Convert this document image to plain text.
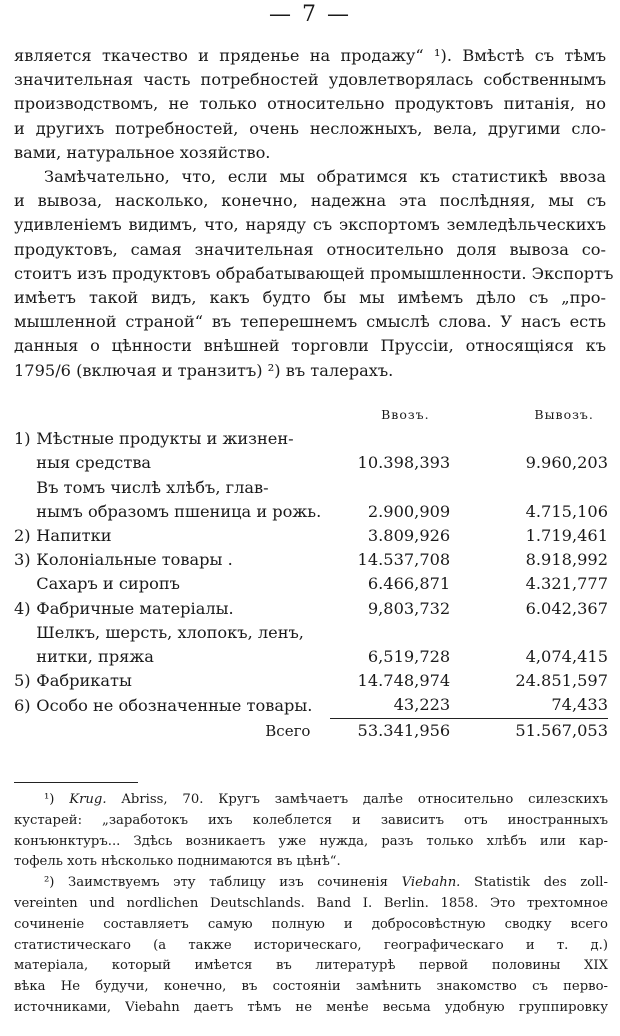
— 7 —

является ткачество и пряденье на продажу“ ¹). Вмѣстѣ съ тѣмъ
значительная часть потребностей удовлетворялась собственнымъ
производствомъ, не только относительно продуктовъ питанія, но
и другихъ потребностей, очень несложныхъ, вела, другими сло-
вами, натуральное хозяйство.

Замѣчательно, что, если мы обратимся къ статистикѣ ввоза
и вывоза, насколько, конечно, надежна эта послѣдняя, мы съ
удивленіемъ видимъ, что, наряду съ экспортомъ земледѣльческихъ
продуктовъ, самая значительная относительно доля вывоза со-
стоитъ изъ продуктовъ обрабатывающей промышленности. Экспортъ
имѣетъ такой видъ, какъ будто бы мы имѣемъ дѣло съ „про-
мышленной страной“ въ теперешнемъ смыслѣ слова. У насъ есть
данныя о цѣнности внѣшней торговли Пруссіи, относящіяся къ
1795/6 (включая и транзитъ) ²) въ талерахъ.

		Ввозъ.	Вывозъ.
1)	Мѣстные продукты и жизнен-		
	ныя средства	10.398,393	9.960,203
	Въ томъ числѣ хлѣбъ, глав-		
	нымъ образомъ пшеница и рожь.	2.900,909	4.715,106
2)	Напитки	3.809,926	1.719,461
3)	Колоніальные товары .	14.537,708	8.918,992
	Сахаръ и сиропъ	6.466,871	4.321,777
4)	Фабричные матеріалы.	9,803,732	6.042,367
	Шелкъ, шерсть, хлопокъ, ленъ,		
	нитки, пряжа	6,519,728	4,074,415
5)	Фабрикаты	14.748,974	24.851,597
6)	Особо не обозначенные товары.	43,223	74,433
	Всего	53.341,956	51.567,053

¹) Krug. Abriss, 70. Кругъ замѣчаетъ далѣе относительно силезскихъ
кустарей: „заработокъ ихъ колеблется и зависитъ отъ иностранныхъ
конъюнктуръ... Здѣсь возникаетъ уже нужда, разъ только хлѣбъ или кар-
тофель хоть нѣсколько поднимаются въ цѣнѣ“.

²) Заимствуемъ эту таблицу изъ сочиненія Viebahn. Statistik des zoll-
vereinten und nordlichen Deutschlands. Band I. Berlin. 1858. Это трехтомное
сочиненіе составляетъ самую полную и добросовѣстную сводку всего
статистическаго (а также историческаго, географическаго и т. д.)
матеріала, который имѣется въ литературѣ первой половины XIX
вѣка Не будучи, конечно, въ состояніи замѣнить знакомство съ перво-
источниками, Viebahn даетъ тѣмъ не менѣе весьма удобную группировку
